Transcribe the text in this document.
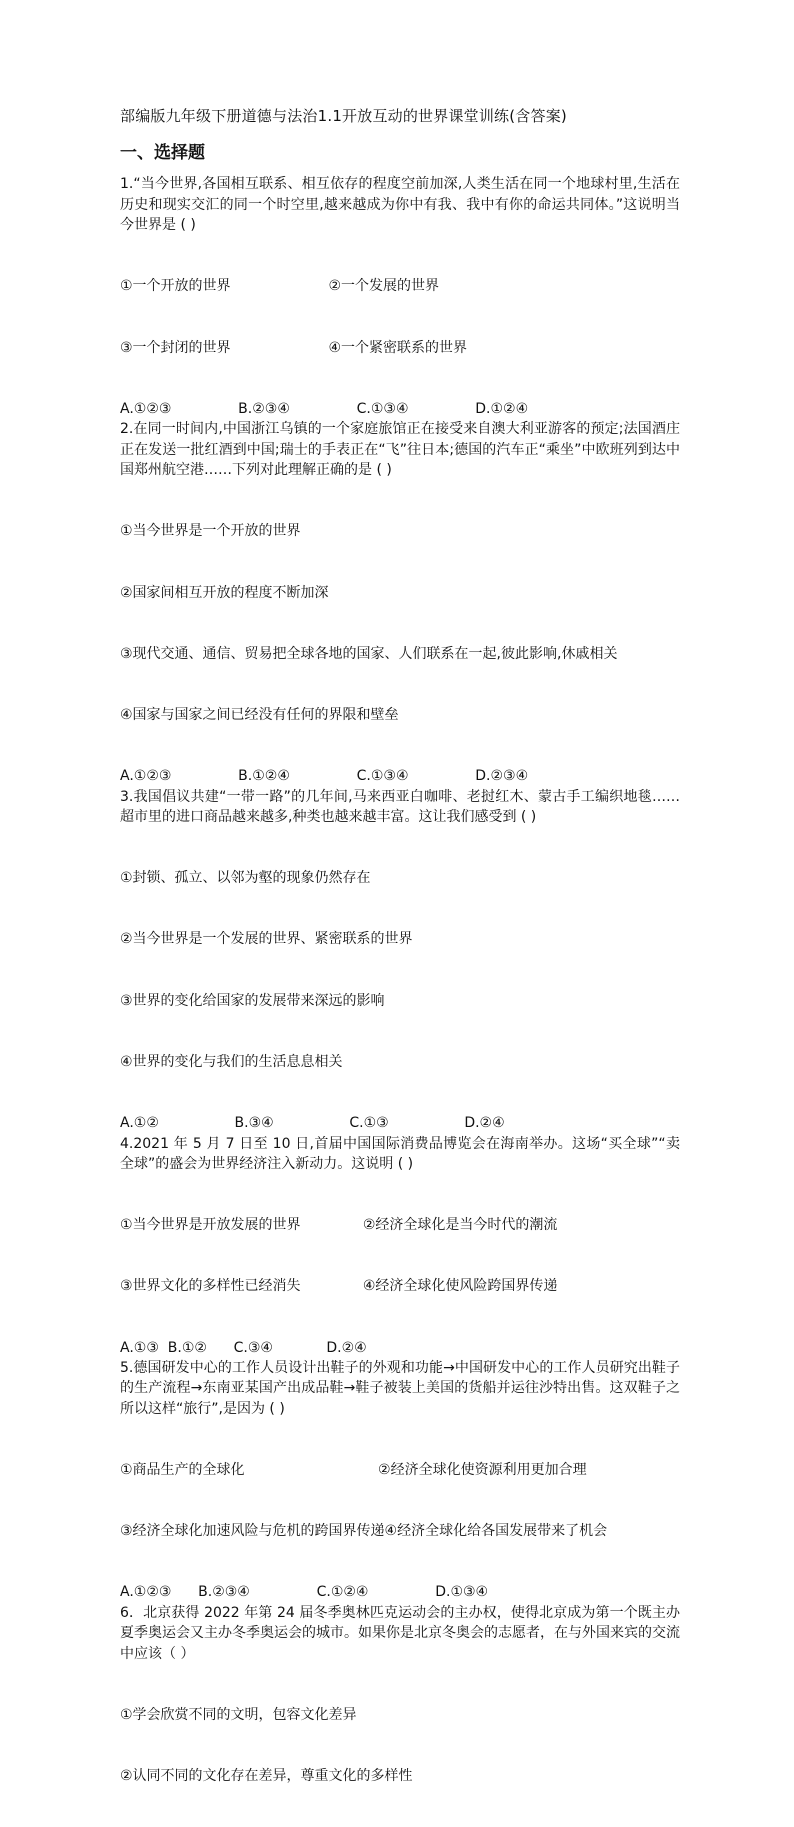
部编版九年级下册道德与法治1.1开放互动的世界课堂训练(含答案)
一、选择题

1.“当今世界,各国相互联系、相互依存的程度空前加深,人类生活在同一个地球村里,生活在历史和现实交汇的同一个时空里,越来越成为你中有我、我中有你的命运共同体。”这说明当今世界是 ( )

①一个开放的世界                      ②一个发展的世界

③一个封闭的世界                      ④一个紧密联系的世界

A.①②③               B.②③④               C.①③④               D.①②④

2.在同一时间内,中国浙江乌镇的一个家庭旅馆正在接受来自澳大利亚游客的预定;法国酒庄正在发送一批红酒到中国;瑞士的手表正在“飞”往日本;德国的汽车正“乘坐”中欧班列到达中国郑州航空港……下列对此理解正确的是 ( )

①当今世界是一个开放的世界

②国家间相互开放的程度不断加深

③现代交通、通信、贸易把全球各地的国家、人们联系在一起,彼此影响,休戚相关

④国家与国家之间已经没有任何的界限和壁垒

A.①②③               B.①②④               C.①③④               D.②③④

3.我国倡议共建“一带一路”的几年间,马来西亚白咖啡、老挝红木、蒙古手工编织地毯……超市里的进口商品越来越多,种类也越来越丰富。这让我们感受到 ( )

①封锁、孤立、以邻为壑的现象仍然存在

②当今世界是一个发展的世界、紧密联系的世界

③世界的变化给国家的发展带来深远的影响

④世界的变化与我们的生活息息相关

A.①②                 B.③④                 C.①③                 D.②④

4.2021 年 5 月 7 日至 10 日,首届中国国际消费品博览会在海南举办。这场“买全球”“卖全球”的盛会为世界经济注入新动力。这说明 ( )

①当今世界是开放发展的世界              ②经济全球化是当今时代的潮流

③世界文化的多样性已经消失              ④经济全球化使风险跨国界传递

A.①③  B.①②      C.③④            D.②④

5.德国研发中心的工作人员设计出鞋子的外观和功能→中国研发中心的工作人员研究出鞋子的生产流程→东南亚某国产出成品鞋→鞋子被装上美国的货船并运往沙特出售。这双鞋子之所以这样“旅行”,是因为 ( )

①商品生产的全球化                              ②经济全球化使资源利用更加合理

③经济全球化加速风险与危机的跨国界传递④经济全球化给各国发展带来了机会

A.①②③      B.②③④               C.①②④               D.①③④

6．北京获得 2022 年第 24 届冬季奥林匹克运动会的主办权，使得北京成为第一个既主办夏季奥运会又主办冬季奥运会的城市。如果你是北京冬奥会的志愿者，在与外国来宾的交流中应该（ ）

①学会欣赏不同的文明，包容文化差异

②认同不同的文化存在差异，尊重文化的多样性
